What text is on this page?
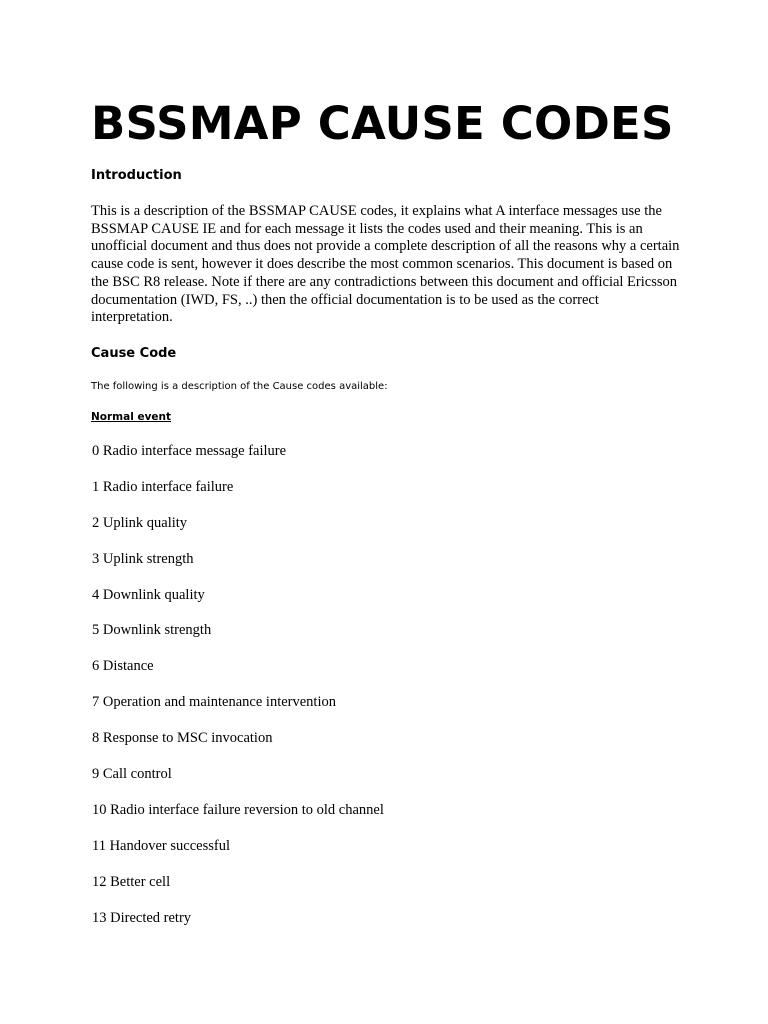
BSSMAP CAUSE CODES
Introduction

This is a description of the BSSMAP CAUSE codes, it explains what A interface messages use the BSSMAP CAUSE IE and for each message it lists the codes used and their meaning. This is an unofficial document and thus does not provide a complete description of all the reasons why a certain cause code is sent, however it does describe the most common scenarios. This document is based on the BSC R8 release. Note if there are any contradictions between this document and official Ericsson documentation (IWD, FS, ..) then the official documentation is to be used as the correct interpretation.

Cause Code

The following is a description of the Cause codes available:

Normal event

0 Radio interface message failure
1 Radio interface failure
2 Uplink quality
3 Uplink strength
4 Downlink quality
5 Downlink strength
6 Distance
7 Operation and maintenance intervention
8 Response to MSC invocation
9 Call control
10 Radio interface failure reversion to old channel
11 Handover successful
12 Better cell
13 Directed retry
